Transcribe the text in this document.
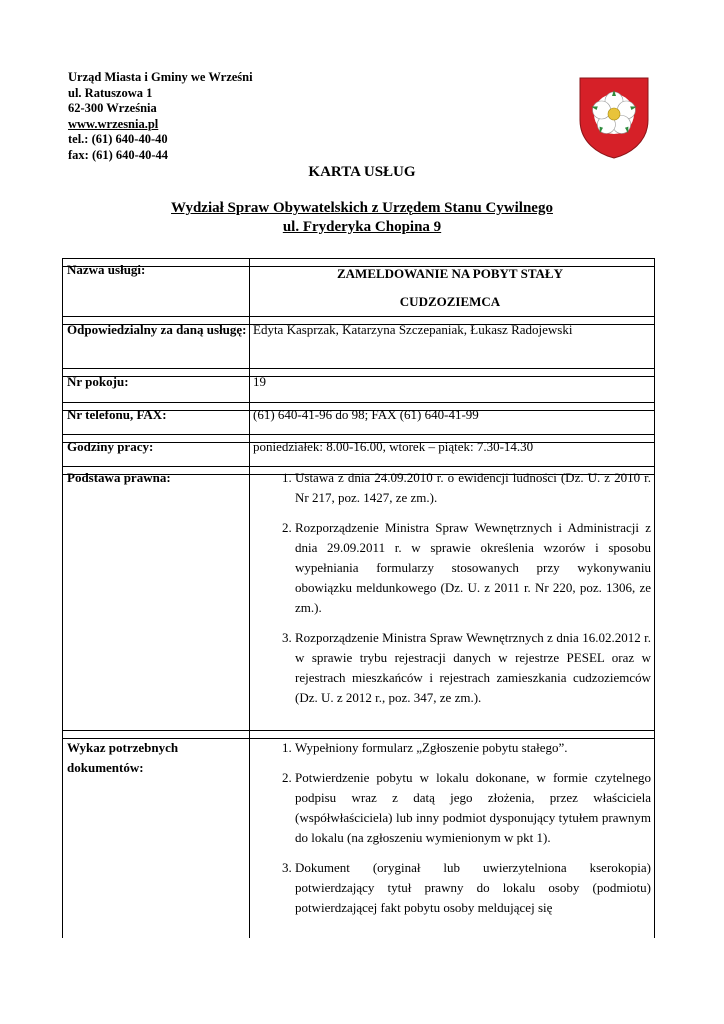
Urząd Miasta i Gminy we Wrześni
ul. Ratuszowa 1
62-300 Września
www.wrzesnia.pl
tel.: (61) 640-40-40
fax: (61) 640-40-44
KARTA USŁUG
Wydział Spraw Obywatelskich z Urzędem Stanu Cywilnego
ul. Fryderyka Chopina 9
Nazwa usługi:	ZAMELDOWANIE NA POBYT STAŁY
CUDZOZIEMCA
Odpowiedzialny za daną usługę: Edyta Kasprzak, Katarzyna Szczepaniak, Łukasz Radojewski
Nr pokoju:	19
Nr telefonu, FAX:	(61) 640-41-96 do 98; FAX (61) 640-41-99
Godziny pracy:	poniedziałek: 8.00-16.00, wtorek – piątek: 7.30-14.30
Podstawa prawna:
1.	Ustawa z dnia 24.09.2010 r. o ewidencji ludności (Dz. U. z 2010 r. Nr 217, poz. 1427, ze zm.).
2. Rozporządzenie Ministra Spraw Wewnętrznych i Administracji z dnia 29.09.2011 r. w sprawie określenia wzorów i sposobu wypełniania formularzy stosowanych przy wykonywaniu obowiązku meldunkowego (Dz. U. z 2011 r. Nr 220, poz. 1306, ze zm.).
3. Rozporządzenie Ministra Spraw Wewnętrznych z dnia 16.02.2012 r. w sprawie trybu rejestracji danych w rejestrze PESEL oraz w rejestrach mieszkańców i rejestrach zamieszkania cudzoziemców (Dz. U. z 2012 r., poz. 347, ze zm.).
Wykaz potrzebnych dokumentów:
1. Wypełniony formularz „Zgłoszenie pobytu stałego”.
2. Potwierdzenie pobytu w lokalu dokonane, w formie czytelnego podpisu wraz z datą jego złożenia, przez właściciela (współwłaściciela) lub inny podmiot dysponujący tytułem prawnym do lokalu (na zgłoszeniu wymienionym w pkt 1).
3. Dokument (oryginał lub uwierzytelniona kserokopia) potwierdzający tytuł prawny do lokalu osoby (podmiotu) potwierdzającej fakt pobytu osoby meldującej się
